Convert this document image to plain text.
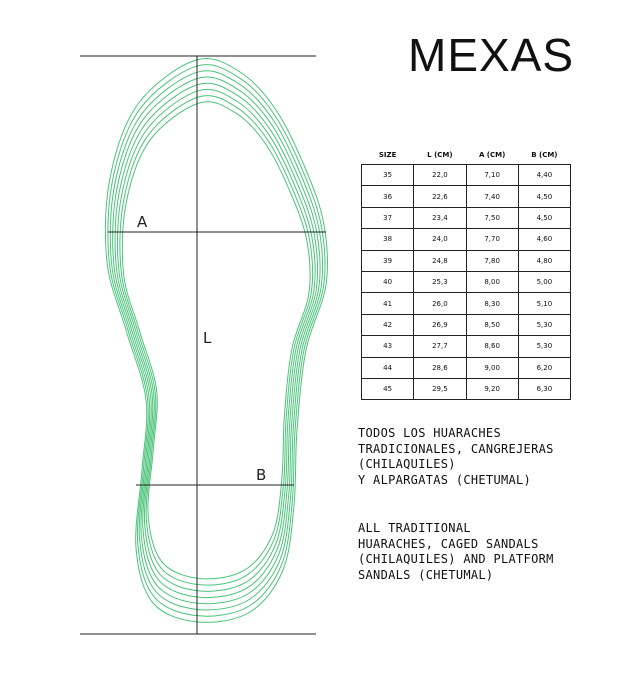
A
L
B
MEXAS
SIZE	L (CM)	A (CM)	B (CM)
35	22,0	7,10	4,40
36	22,6	7,40	4,50
37	23,4	7,50	4,50
38	24,0	7,70	4,60
39	24,8	7,80	4,80
40	25,3	8,00	5,00
41	26,0	8,30	5,10
42	26,9	8,50	5,30
43	27,7	8,60	5,30
44	28,6	9,00	6,20
45	29,5	9,20	6,30
TODOS LOS HUARACHES
TRADICIONALES, CANGREJERAS
(CHILAQUILES)
Y ALPARGATAS (CHETUMAL)
ALL TRADITIONAL
HUARACHES, CAGED SANDALS
(CHILAQUILES) AND PLATFORM
SANDALS (CHETUMAL)
